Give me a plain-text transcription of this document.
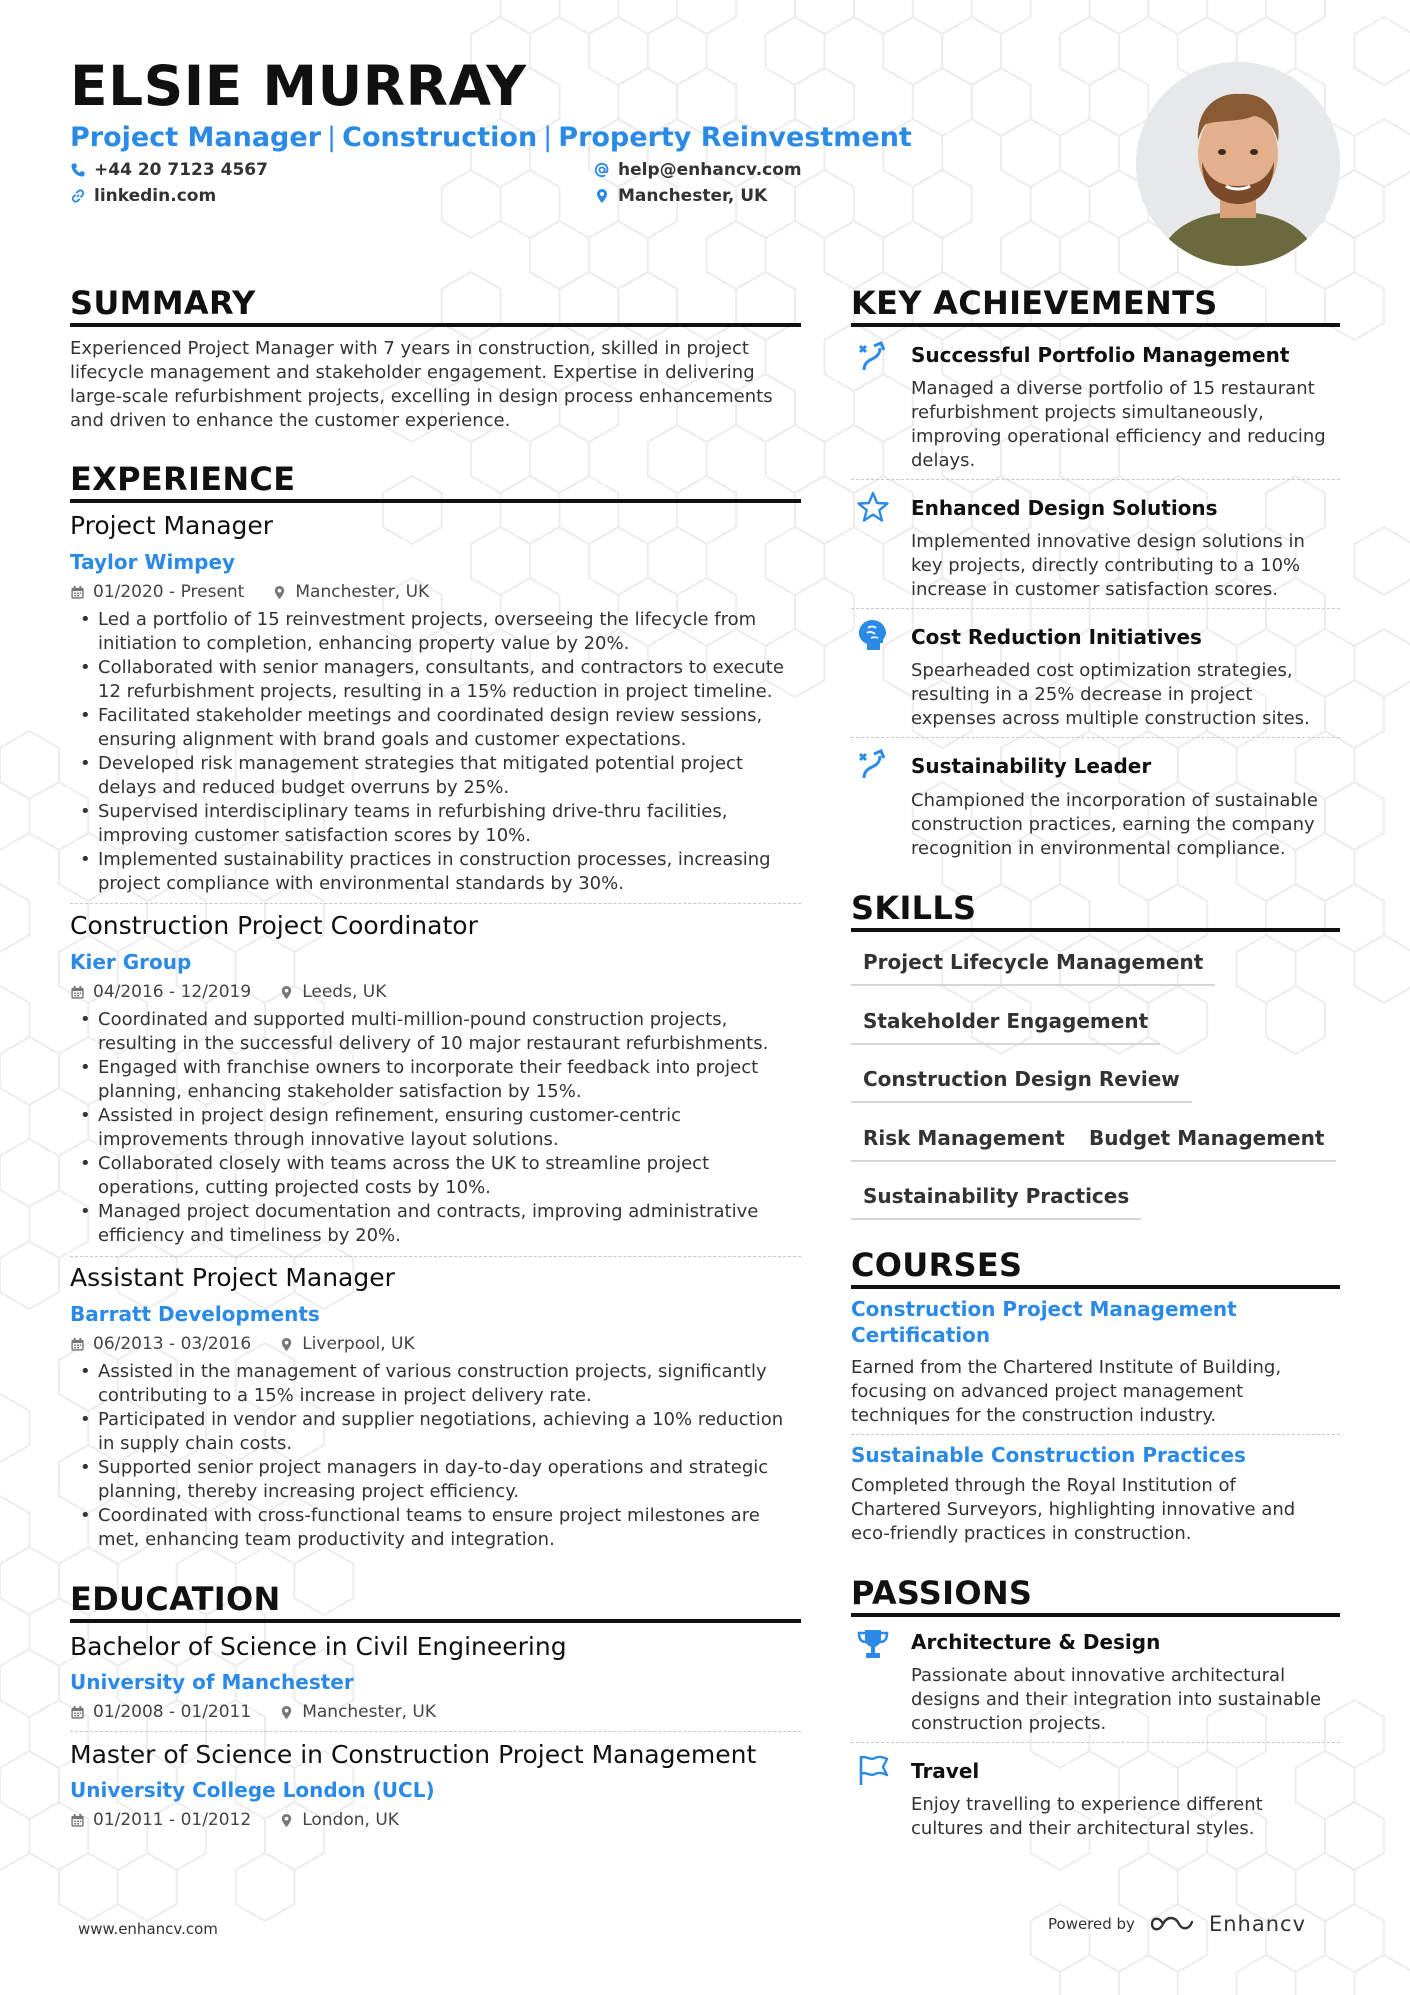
ELSIE MURRAY
Project Manager | Construction | Property Reinvestment
+44 20 7123 4567	help@enhancv.com
linkedin.com	Manchester, UK
SUMMARY
Experienced Project Manager with 7 years in construction, skilled in project
lifecycle management and stakeholder engagement. Expertise in delivering
large-scale refurbishment projects, excelling in design process enhancements
and driven to enhance the customer experience.
EXPERIENCE
Project Manager
Taylor Wimpey
01/2020 - Present	Manchester, UK
• Led a portfolio of 15 reinvestment projects, overseeing the lifecycle from
initiation to completion, enhancing property value by 20%.
• Collaborated with senior managers, consultants, and contractors to execute
12 refurbishment projects, resulting in a 15% reduction in project timeline.
• Facilitated stakeholder meetings and coordinated design review sessions,
ensuring alignment with brand goals and customer expectations.
• Developed risk management strategies that mitigated potential project
delays and reduced budget overruns by 25%.
• Supervised interdisciplinary teams in refurbishing drive-thru facilities,
improving customer satisfaction scores by 10%.
• Implemented sustainability practices in construction processes, increasing
project compliance with environmental standards by 30%.
Construction Project Coordinator
Kier Group
04/2016 - 12/2019	Leeds, UK
• Coordinated and supported multi-million-pound construction projects,
resulting in the successful delivery of 10 major restaurant refurbishments.
• Engaged with franchise owners to incorporate their feedback into project
planning, enhancing stakeholder satisfaction by 15%.
• Assisted in project design refinement, ensuring customer-centric
improvements through innovative layout solutions.
• Collaborated closely with teams across the UK to streamline project
operations, cutting projected costs by 10%.
• Managed project documentation and contracts, improving administrative
efficiency and timeliness by 20%.
Assistant Project Manager
Barratt Developments
06/2013 - 03/2016	Liverpool, UK
• Assisted in the management of various construction projects, significantly
contributing to a 15% increase in project delivery rate.
• Participated in vendor and supplier negotiations, achieving a 10% reduction
in supply chain costs.
• Supported senior project managers in day-to-day operations and strategic
planning, thereby increasing project efficiency.
• Coordinated with cross-functional teams to ensure project milestones are
met, enhancing team productivity and integration.
EDUCATION
Bachelor of Science in Civil Engineering
University of Manchester
01/2008 - 01/2011	Manchester, UK
Master of Science in Construction Project Management
University College London (UCL)
01/2011 - 01/2012	London, UK
KEY ACHIEVEMENTS
Successful Portfolio Management
Managed a diverse portfolio of 15 restaurant
refurbishment projects simultaneously,
improving operational efficiency and reducing
delays.
Enhanced Design Solutions
Implemented innovative design solutions in
key projects, directly contributing to a 10%
increase in customer satisfaction scores.
Cost Reduction Initiatives
Spearheaded cost optimization strategies,
resulting in a 25% decrease in project
expenses across multiple construction sites.
Sustainability Leader
Championed the incorporation of sustainable
construction practices, earning the company
recognition in environmental compliance.
SKILLS
Project Lifecycle Management
Stakeholder Engagement
Construction Design Review
Risk Management	Budget Management
Sustainability Practices
COURSES
Construction Project Management
Certification
Earned from the Chartered Institute of Building,
focusing on advanced project management
techniques for the construction industry.
Sustainable Construction Practices
Completed through the Royal Institution of
Chartered Surveyors, highlighting innovative and
eco-friendly practices in construction.
PASSIONS
Architecture & Design
Passionate about innovative architectural
designs and their integration into sustainable
construction projects.
Travel
Enjoy travelling to experience different
cultures and their architectural styles.
www.enhancv.com	Powered by	Enhancv
